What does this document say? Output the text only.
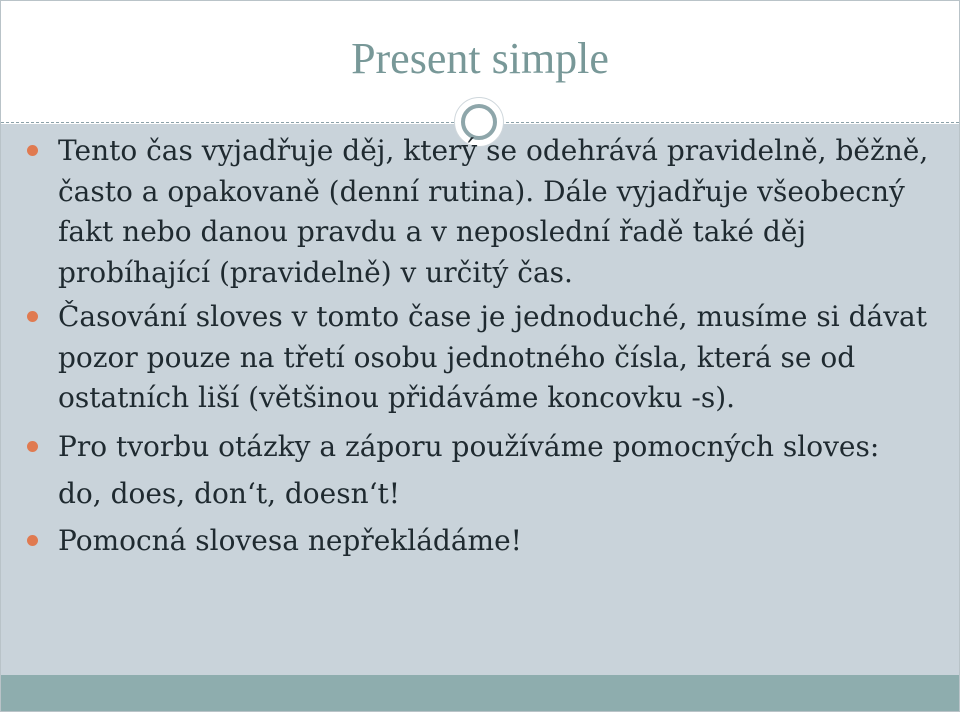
Present simple
Tento čas vyjadřuje děj, který se odehrává pravidelně, běžně, často a opakovaně (denní rutina). Dále vyjadřuje všeobecný fakt nebo danou pravdu a v neposlední řadě také děj probíhající (pravidelně) v určitý čas.
Časování sloves v tomto čase je jednoduché, musíme si dávat pozor pouze na třetí osobu jednotného čísla, která se od ostatních liší (většinou přidáváme koncovku -s).
Pro tvorbu otázky a záporu používáme pomocných sloves: do, does, don‘t, doesn‘t!
Pomocná slovesa nepřekládáme!
